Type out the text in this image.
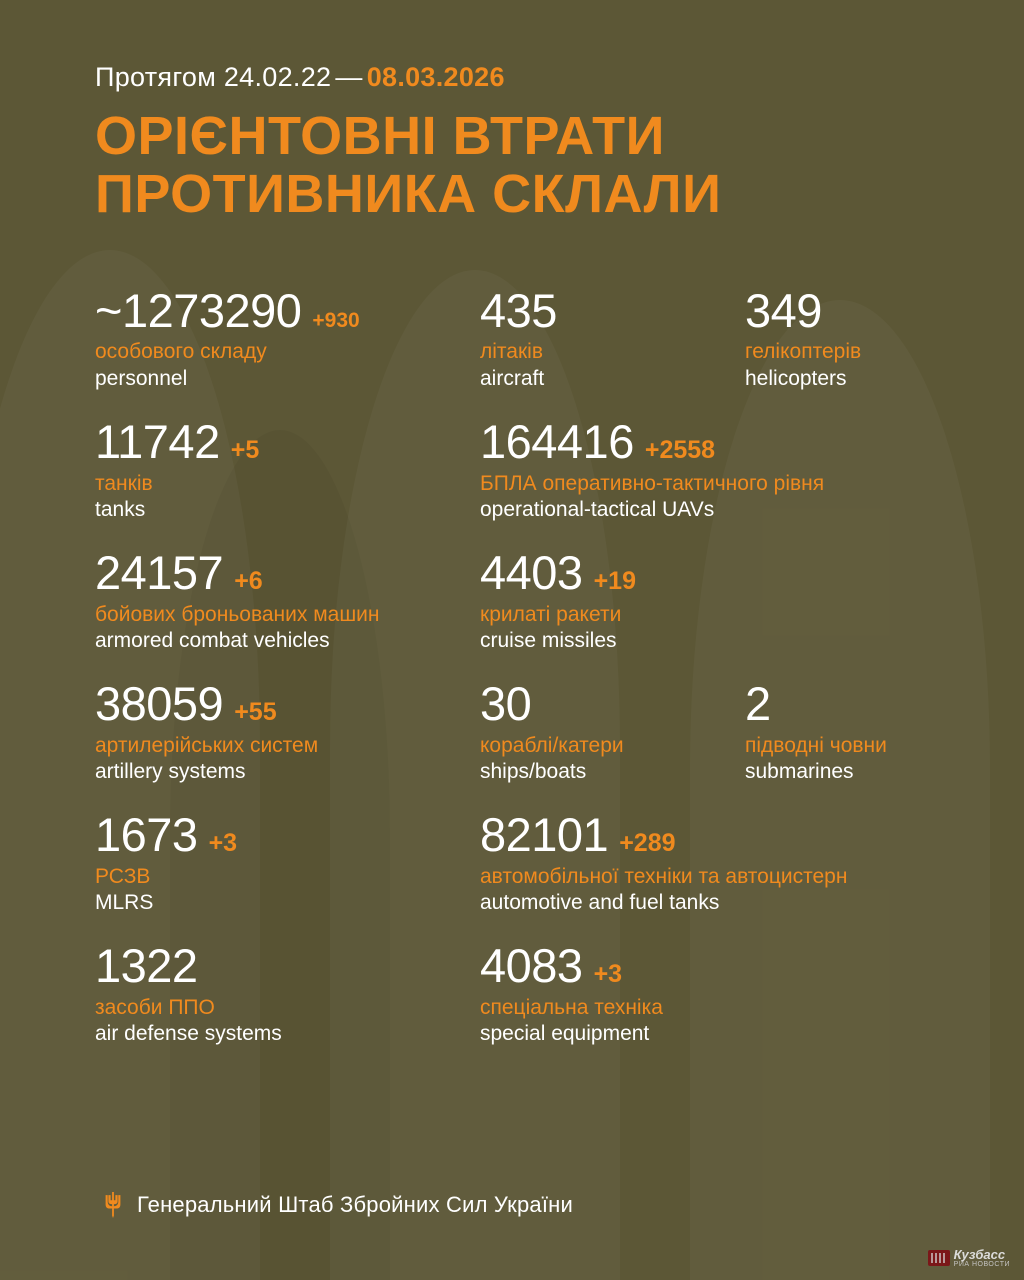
Протягом 24.02.22 — 08.03.2026
ОРІЄНТОВНІ ВТРАТИ
ПРОТИВНИКА СКЛАЛИ
~1273290 +930
особового складу
personnel
435
літаків
aircraft
349
гелікоптерів
helicopters
11742 +5
танків
tanks
164416 +2558
БПЛА оперативно-тактичного рівня
operational-tactical UAVs
24157 +6
бойових броньованих машин
armored combat vehicles
4403 +19
крилаті ракети
cruise missiles
38059 +55
артилерійських систем
artillery systems
30
кораблі/катери
ships/boats
2
підводні човни
submarines
1673 +3
РСЗВ
MLRS
82101 +289
автомобільної техніки та автоцистерн
automotive and fuel tanks
1322
засоби ППО
air defense systems
4083 +3
спеціальна техніка
special equipment
Генеральний Штаб Збройних Сил України
Кузбасс
РИА НОВОСТИ
